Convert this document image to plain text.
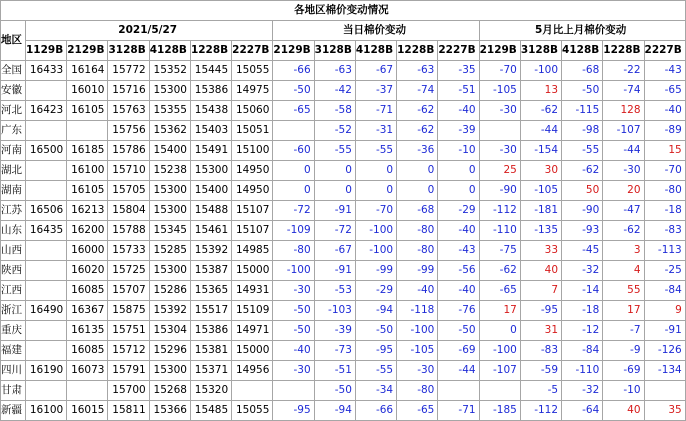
各地区棉价变动情况																
地区	2021/5/27						当日棉价变动					5月比上月棉价变动				
	1129B	2129B	3128B	4128B	1228B	2227B	2129B	3128B	4128B	1228B	2227B	2129B	3128B	4128B	1228B	2227B
全国	16433	16164	15772	15352	15445	15055	-66	-63	-67	-63	-35	-70	-100	-68	-22	-43
安徽		16010	15716	15300	15386	14975	-50	-42	-37	-74	-51	-105	13	-50	-74	-65
河北	16423	16105	15763	15355	15438	15060	-65	-58	-71	-62	-40	-30	-62	-115	128	-40
广东			15756	15362	15403	15051		-52	-31	-62	-39		-44	-98	-107	-89
河南	16500	16185	15786	15400	15491	15100	-60	-55	-55	-36	-10	-30	-154	-55	-44	15
湖北		16100	15710	15238	15300	14950	0	0	0	0	0	25	30	-62	-30	-70
湖南		16105	15705	15300	15400	14950	0	0	0	0	0	-90	-105	50	20	-80
江苏	16506	16213	15804	15300	15488	15107	-72	-91	-70	-68	-29	-112	-181	-90	-47	-18
山东	16435	16200	15788	15345	15461	15107	-109	-72	-100	-80	-40	-110	-135	-93	-62	-83
山西		16000	15733	15285	15392	14985	-80	-67	-100	-80	-43	-75	33	-45	3	-113
陕西		16020	15725	15300	15387	15000	-100	-91	-99	-99	-56	-62	40	-32	4	-25
江西		16085	15707	15286	15365	14931	-30	-53	-29	-40	-40	-65	7	-14	55	-84
浙江	16490	16367	15875	15392	15517	15109	-50	-103	-94	-118	-76	17	-95	-18	17	9
重庆		16135	15751	15304	15386	14971	-50	-39	-50	-100	-50	0	31	-12	-7	-91
福建		16085	15712	15296	15381	15000	-40	-73	-95	-105	-69	-100	-83	-84	-9	-126
四川	16190	16073	15791	15300	15371	14956	-30	-51	-55	-30	-44	-107	-59	-110	-69	-134
甘肃			15700	15268	15320			-50	-34	-80			-5	-32	-10	
新疆	16100	16015	15811	15366	15485	15055	-95	-94	-66	-65	-71	-185	-112	-64	40	35
